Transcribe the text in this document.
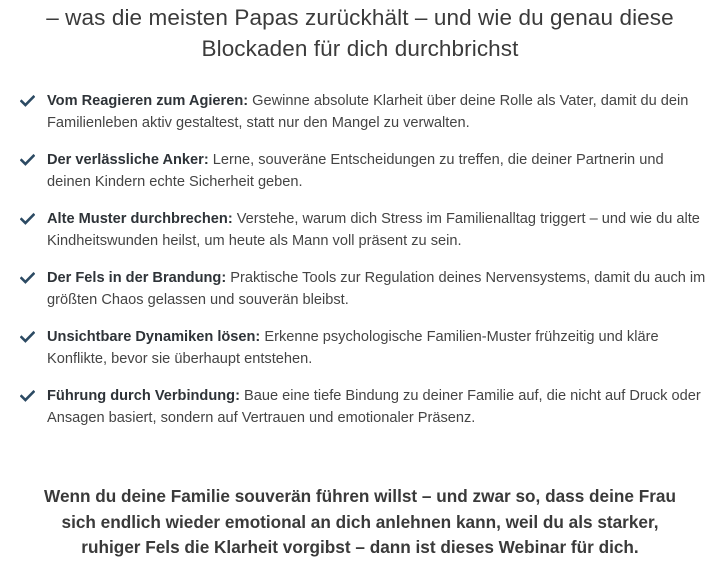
– was die meisten Papas zurückhält – und wie du genau diese
Blockaden für dich durchbrichst
Vom Reagieren zum Agieren: Gewinne absolute Klarheit über deine Rolle als Vater, damit du dein Familienleben aktiv gestaltest, statt nur den Mangel zu verwalten.
Der verlässliche Anker: Lerne, souveräne Entscheidungen zu treffen, die deiner Partnerin und deinen Kindern echte Sicherheit geben.
Alte Muster durchbrechen: Verstehe, warum dich Stress im Familienalltag triggert – und wie du alte Kindheitswunden heilst, um heute als Mann voll präsent zu sein.
Der Fels in der Brandung: Praktische Tools zur Regulation deines Nervensystems, damit du auch im größten Chaos gelassen und souverän bleibst.
Unsichtbare Dynamiken lösen: Erkenne psychologische Familien-Muster frühzeitig und kläre Konflikte, bevor sie überhaupt entstehen.
Führung durch Verbindung: Baue eine tiefe Bindung zu deiner Familie auf, die nicht auf Druck oder Ansagen basiert, sondern auf Vertrauen und emotionaler Präsenz.
Wenn du deine Familie souverän führen willst – und zwar so, dass deine Frau
sich endlich wieder emotional an dich anlehnen kann, weil du als starker,
ruhiger Fels die Klarheit vorgibst – dann ist dieses Webinar für dich.
